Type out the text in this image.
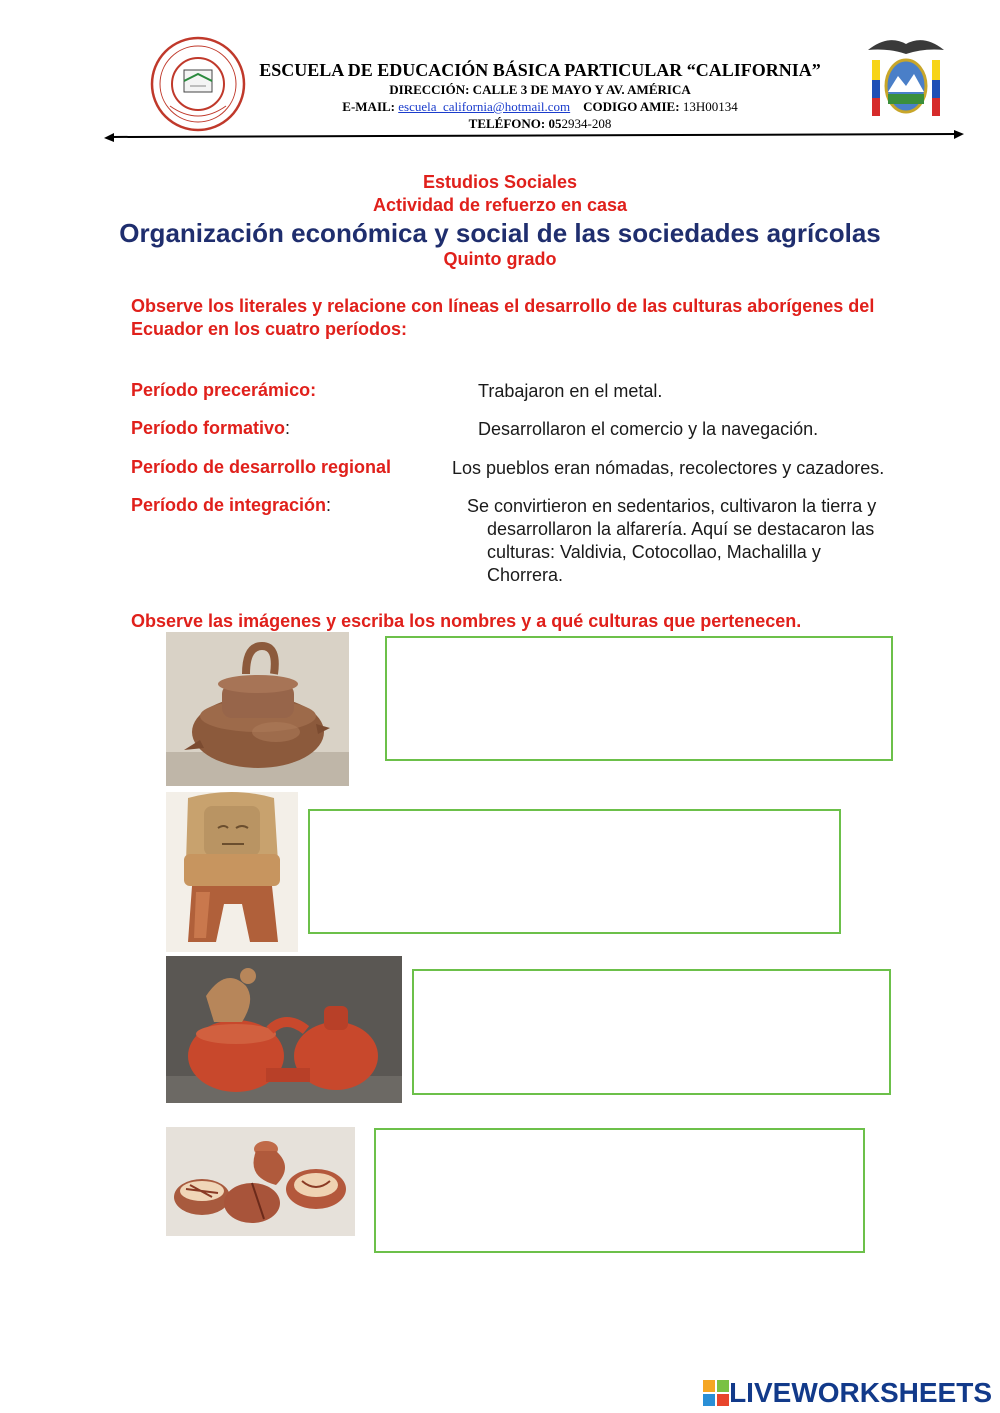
ESCUELA DE EDUCACIÓN BÁSICA PARTICULAR “CALIFORNIA”
DIRECCIÓN: CALLE 3 DE MAYO Y AV. AMÉRICA
E-MAIL: escuela_california@hotmail.com CODIGO AMIE: 13H00134
TELÉFONO: 052934-208
Estudios Sociales
Actividad de refuerzo en casa
Organización económica y social de las sociedades agrícolas
Quinto grado
Observe los literales y relacione con líneas el desarrollo de las culturas aborígenes del Ecuador en los cuatro períodos:
Período precerámico:
Período formativo:
Período de desarrollo regional
Período de integración:
Trabajaron en el metal.
Desarrollaron el comercio y la navegación.
Los pueblos eran nómadas, recolectores y cazadores.
Se convirtieron en sedentarios, cultivaron la tierra y
desarrollaron la alfarería. Aquí se destacaron las
culturas: Valdivia, Cotocollao, Machalilla y
Chorrera.
Observe las imágenes y escriba los nombres y a qué culturas que pertenecen.
LIVEWORKSHEETS
